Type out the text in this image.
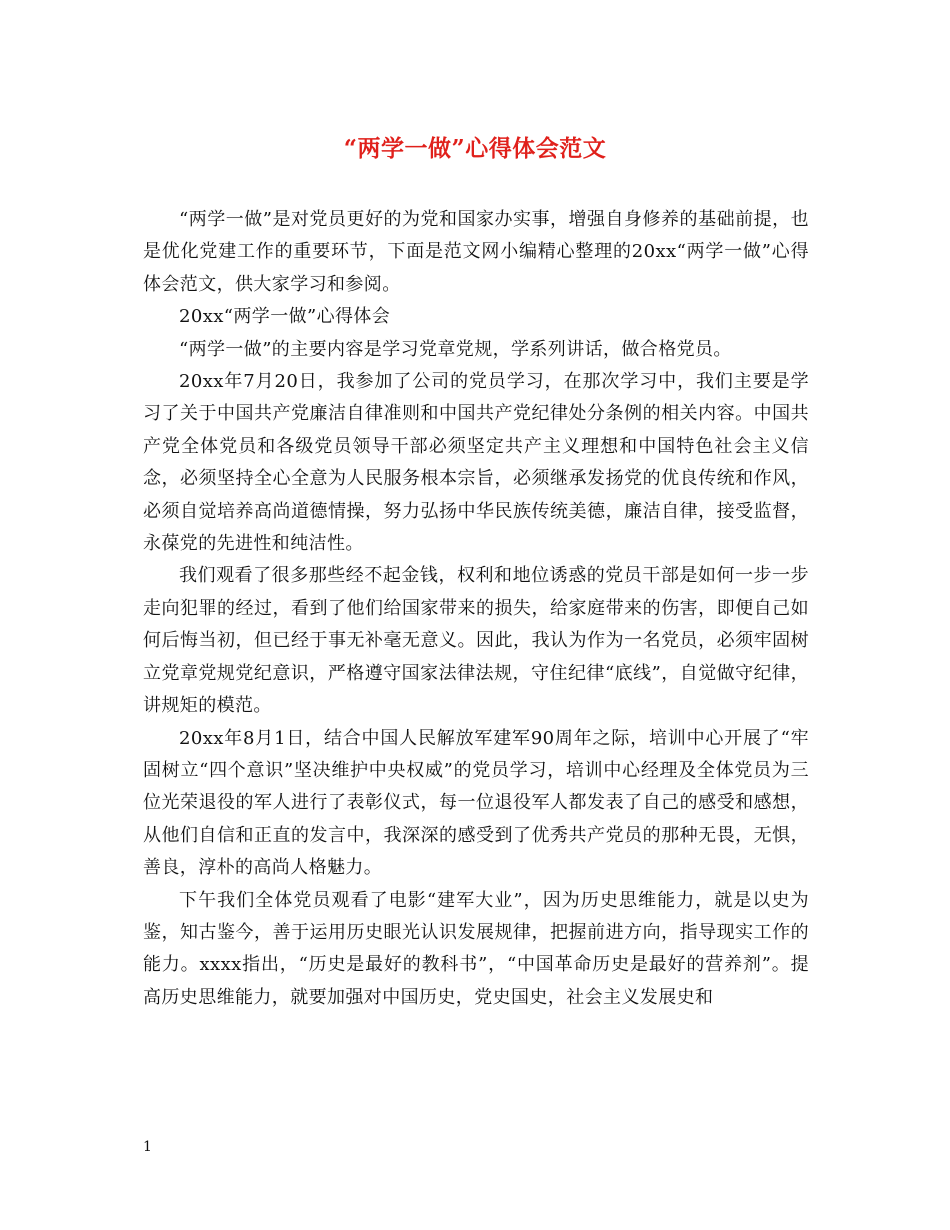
“两学一做”心得体会范文

“两学一做”是对党员更好的为党和国家办实事，增强自身修养的基础前提，也是优化党建工作的重要环节，下面是范文网小编精心整理的20xx“两学一做”心得体会范文，供大家学习和参阅。

20xx“两学一做”心得体会

“两学一做”的主要内容是学习党章党规，学系列讲话，做合格党员。

20xx年7月20日，我参加了公司的党员学习，在那次学习中，我们主要是学习了关于中国共产党廉洁自律准则和中国共产党纪律处分条例的相关内容。中国共产党全体党员和各级党员领导干部必须坚定共产主义理想和中国特色社会主义信念，必须坚持全心全意为人民服务根本宗旨，必须继承发扬党的优良传统和作风，必须自觉培养高尚道德情操，努力弘扬中华民族传统美德，廉洁自律，接受监督，永葆党的先进性和纯洁性。

我们观看了很多那些经不起金钱，权利和地位诱惑的党员干部是如何一步一步走向犯罪的经过，看到了他们给国家带来的损失，给家庭带来的伤害，即便自己如何后悔当初，但已经于事无补毫无意义。因此，我认为作为一名党员，必须牢固树立党章党规党纪意识，严格遵守国家法律法规，守住纪律“底线”，自觉做守纪律，讲规矩的模范。

20xx年8月1日，结合中国人民解放军建军90周年之际，培训中心开展了“牢固树立“四个意识”坚决维护中央权威”的党员学习，培训中心经理及全体党员为三位光荣退役的军人进行了表彰仪式，每一位退役军人都发表了自己的感受和感想，从他们自信和正直的发言中，我深深的感受到了优秀共产党员的那种无畏，无惧，善良，淳朴的高尚人格魅力。

下午我们全体党员观看了电影“建军大业”，因为历史思维能力，就是以史为鉴，知古鉴今，善于运用历史眼光认识发展规律，把握前进方向，指导现实工作的能力。xxxx指出，“历史是最好的教科书”，“中国革命历史是最好的营养剂”。提高历史思维能力，就要加强对中国历史，党史国史，社会主义发展史和

1
